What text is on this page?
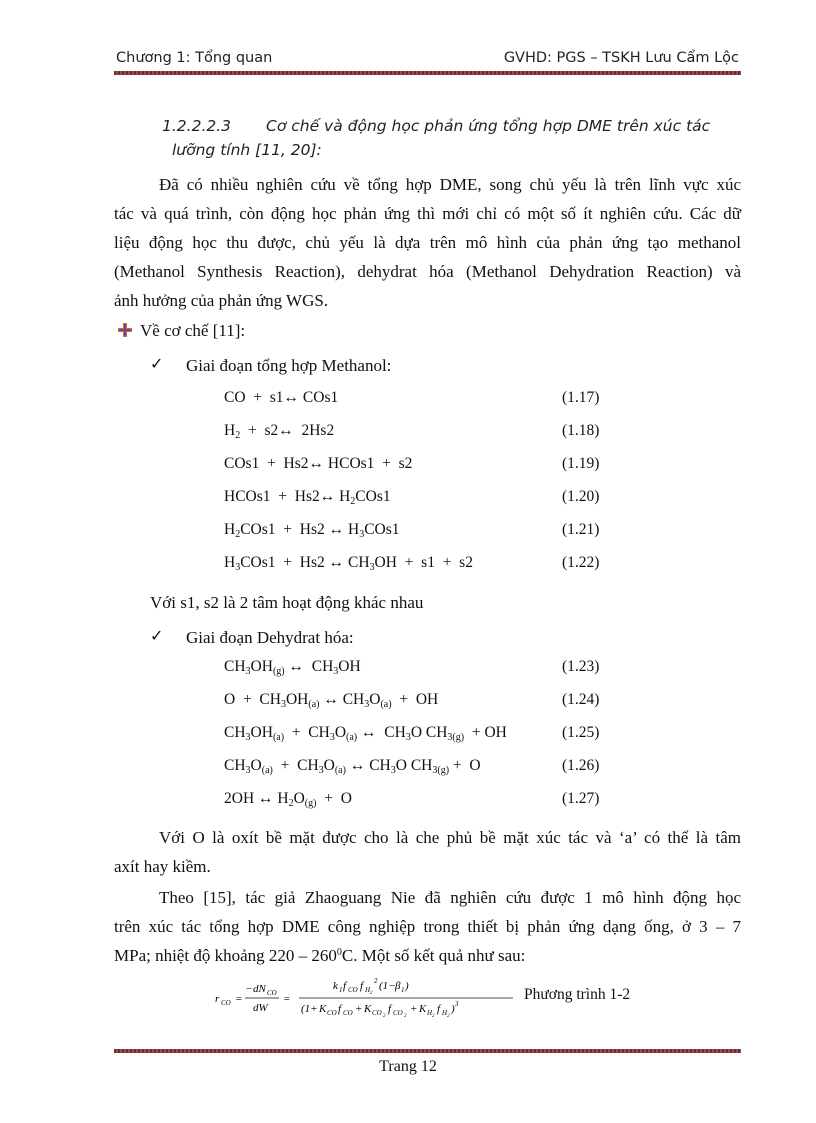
Chương 1: Tổng quan	GVHD: PGS – TSKH Lưu Cẩm Lộc
1.2.2.2.3 Cơ chế và động học phản ứng tổng hợp DME trên xúc tác
lưỡng tính [11, 20]:
Đã có nhiều nghiên cứu về tổng hợp DME, song chủ yếu là trên lĩnh vực xúc
tác và quá trình, còn động học phản ứng thì mới chỉ có một số ít nghiên cứu. Các dữ
liệu động học thu được, chủ yếu là dựa trên mô hình của phản ứng tạo methanol
(Methanol Synthesis Reaction), dehydrat hóa (Methanol Dehydration Reaction) và
ảnh hưởng của phản ứng WGS.
Về cơ chế [11]:
✓ Giai đoạn tổng hợp Methanol:
CO  +  s1↔ COs1	(1.17)
$H_2$  +  s2↔  2Hs2	(1.18)
COs1  +  Hs2↔ HCOs1  +  s2	(1.19)
HCOs1  +  Hs2↔ $H_2COs1$	(1.20)
$H_2COs1 + Hs2$ ↔ $H_3COs1$	(1.21)
$H_3COs1 + Hs2$ ↔ $CH_3OH + s1 + s2$	(1.22)
Với s1, s2 là 2 tâm hoạt động khác nhau
✓ Giai đoạn Dehydrat hóa:
$CH_3OH_{(g)}$ ↔  $CH_3OH$	(1.23)
$O + CH_3OH_{(a)}$ ↔ $CH_3O_{(a)}$  +  OH	(1.24)
$CH_3OH_{(a)} + CH_3O_{(a)}$ ↔  $CH_3O$ $CH_{3(g)}$  + OH	(1.25)
$CH_3O_{(a)} + CH_3O_{(a)}$ ↔ $CH_3O$ $CH_{3(g)} + O$	(1.26)
2OH ↔ $H_2O_{(g)} + O$	(1.27)
Với O là oxít bề mặt được cho là che phủ bề mặt xúc tác và ‘a’ có thể là tâm
axít hay kiềm.
Theo [15], tác giả Zhaoguang Nie đã nghiên cứu được 1 mô hình động học
trên xúc tác tổng hợp DME công nghiệp trong thiết bị phản ứng dạng ống, ở 3 – 7
MPa; nhiệt độ khoảng $220 - 260^0C$. Một số kết quả như sau:
r CO =
− dN CO
dW
=
k 1 f CO f H 2
2 (1− β 1 )
(1+ K CO f CO + K CO 2
f CO 2
+ K H 2
f H 2
) 3
Phương trình 1-2
Trang 12
